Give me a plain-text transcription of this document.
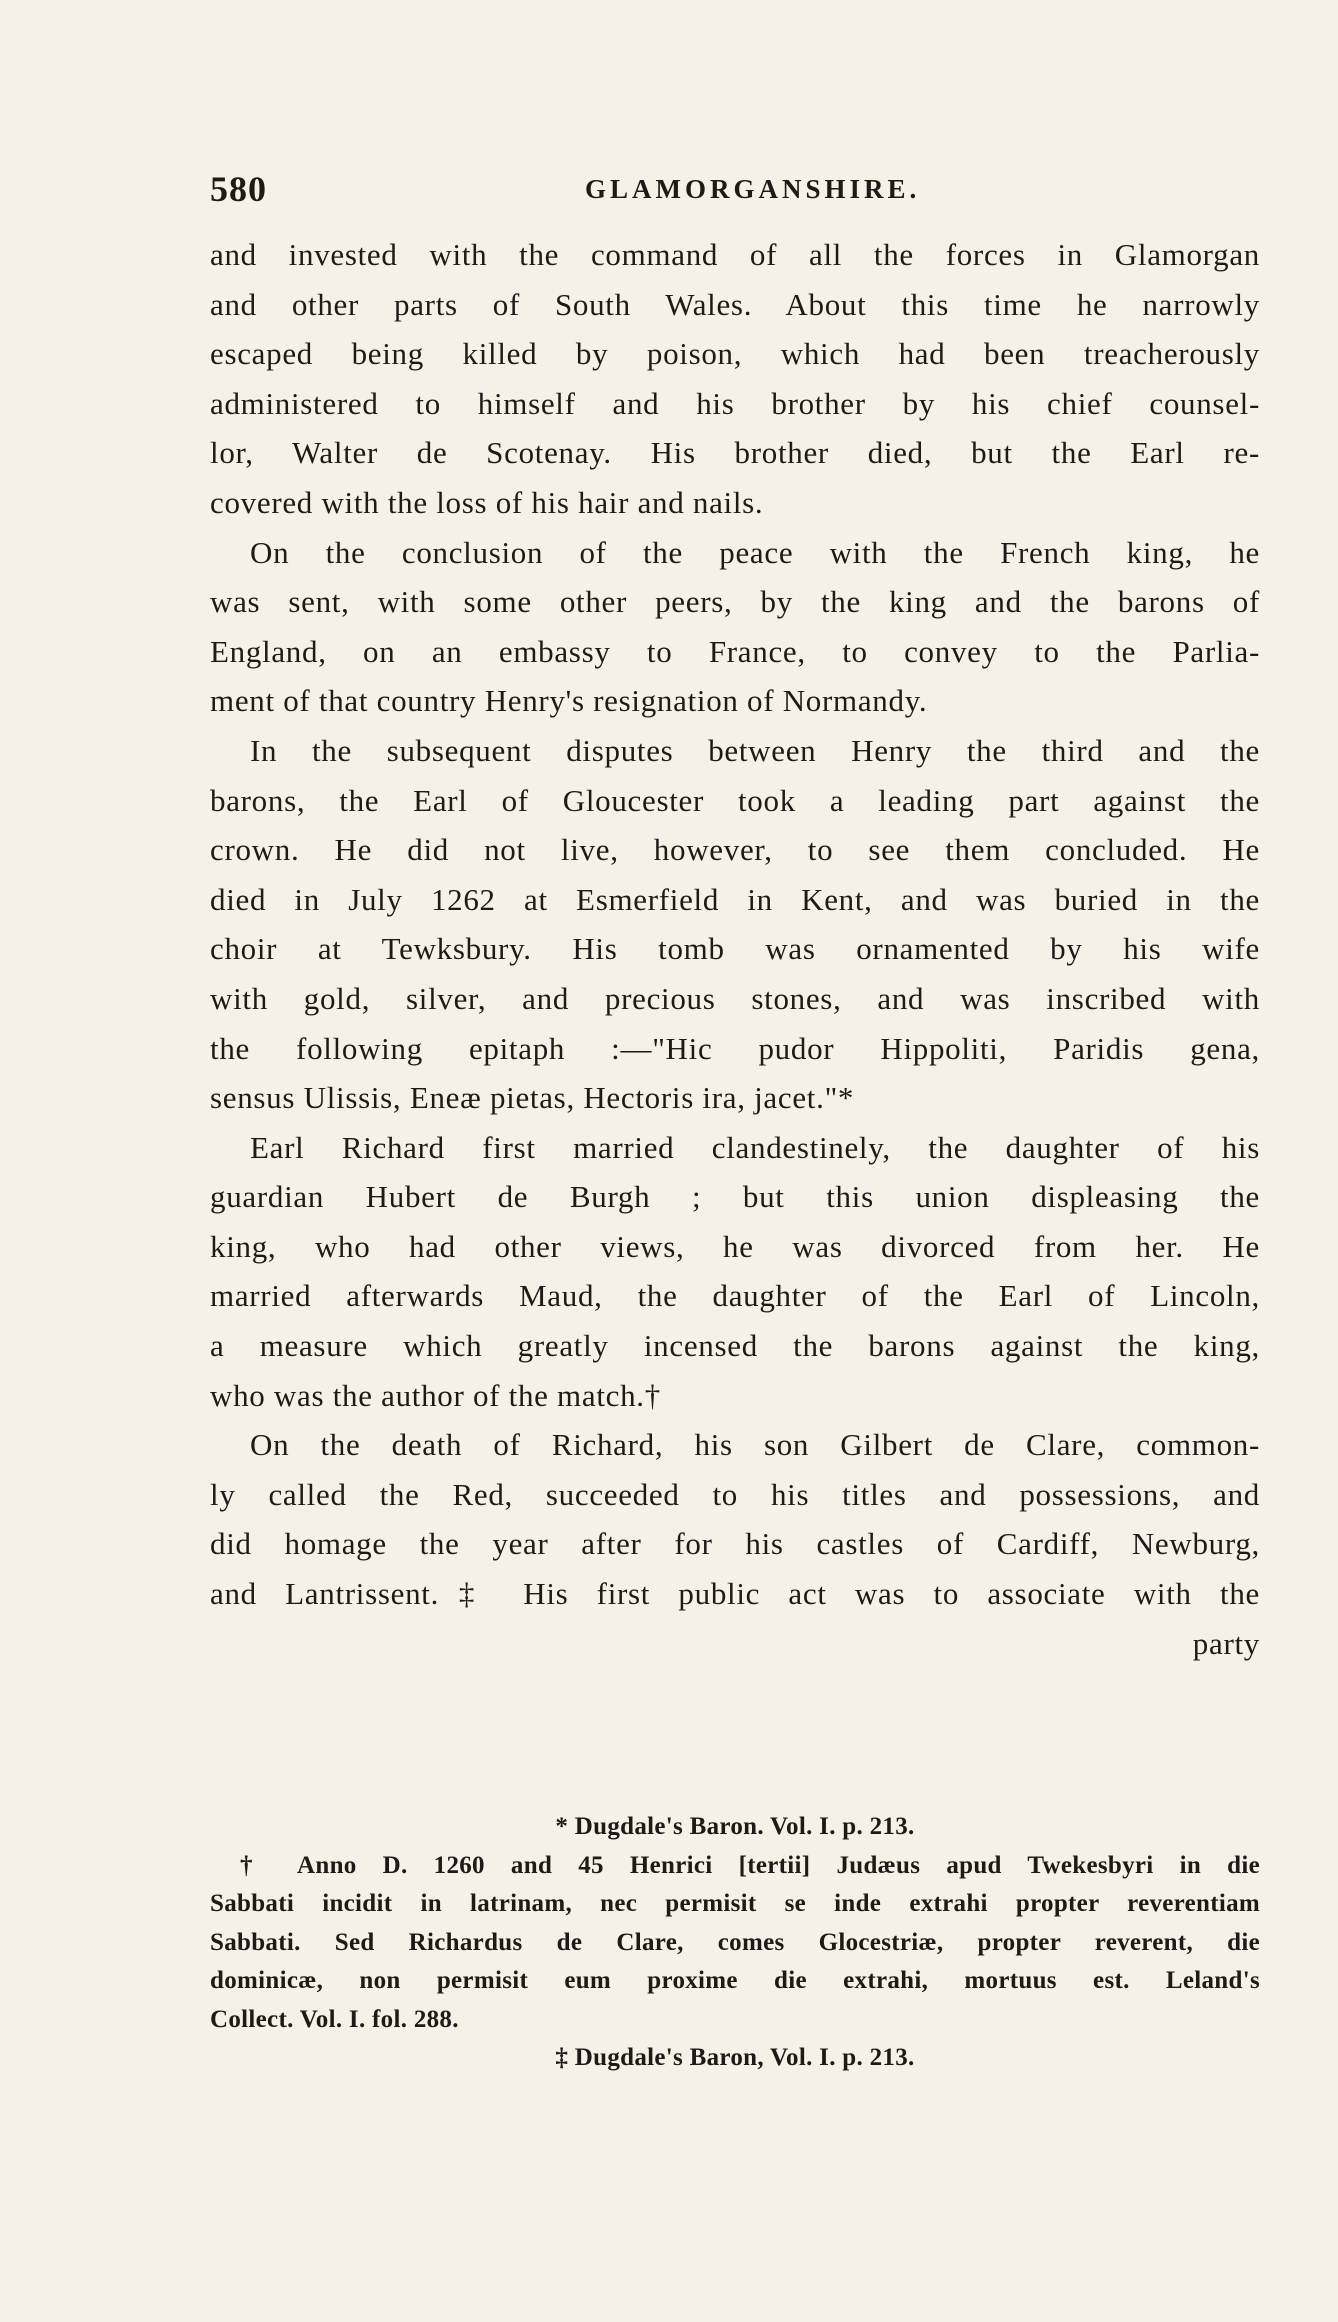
580	GLAMORGANSHIRE.
and invested with the command of all the forces in Glamorgan
and other parts of South Wales. About this time he narrowly
escaped being killed by poison, which had been treacherously
administered to himself and his brother by his chief counsel-
lor, Walter de Scotenay. His brother died, but the Earl re-
covered with the loss of his hair and nails.
On the conclusion of the peace with the French king, he
was sent, with some other peers, by the king and the barons of
England, on an embassy to France, to convey to the Parlia-
ment of that country Henry's resignation of Normandy.
In the subsequent disputes between Henry the third and the
barons, the Earl of Gloucester took a leading part against the
crown. He did not live, however, to see them concluded. He
died in July 1262 at Esmerfield in Kent, and was buried in the
choir at Tewksbury. His tomb was ornamented by his wife
with gold, silver, and precious stones, and was inscribed with
the following epitaph :—"Hic pudor Hippoliti, Paridis gena,
sensus Ulissis, Eneæ pietas, Hectoris ira, jacet."*
Earl Richard first married clandestinely, the daughter of his
guardian Hubert de Burgh ; but this union displeasing the
king, who had other views, he was divorced from her. He
married afterwards Maud, the daughter of the Earl of Lincoln,
a measure which greatly incensed the barons against the king,
who was the author of the match.†
On the death of Richard, his son Gilbert de Clare, common-
ly called the Red, succeeded to his titles and possessions, and
did homage the year after for his castles of Cardiff, Newburg,
and Lantrissent.‡ His first public act was to associate with the
party
* Dugdale's Baron. Vol. I. p. 213.
† Anno D. 1260 and 45 Henrici [tertii] Judæus apud Twekesbyri in die
Sabbati incidit in latrinam, nec permisit se inde extrahi propter reverentiam
Sabbati. Sed Richardus de Clare, comes Glocestriæ, propter reverent, die
dominicæ, non permisit eum proxime die extrahi, mortuus est. Leland's
Collect. Vol. I. fol. 288.
‡ Dugdale's Baron, Vol. I. p. 213.
